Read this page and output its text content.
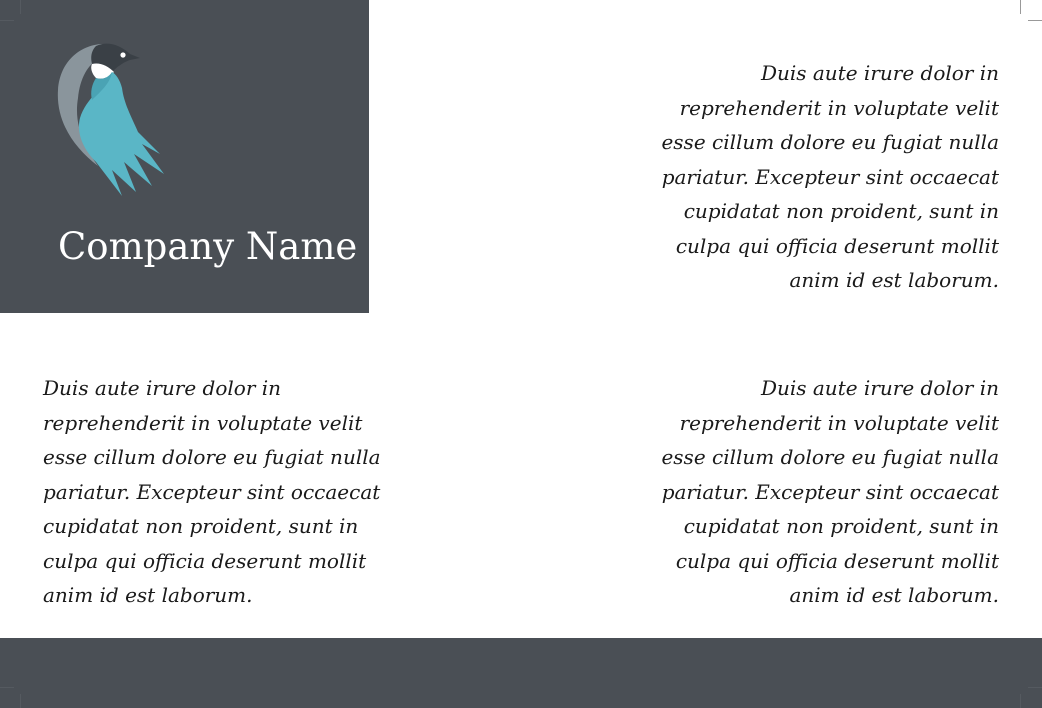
Company Name

Duis aute irure dolor in
reprehenderit in voluptate velit
esse cillum dolore eu fugiat nulla
pariatur. Excepteur sint occaecat
cupidatat non proident, sunt in
culpa qui officia deserunt mollit
anim id est laborum.

Duis aute irure dolor in
reprehenderit in voluptate velit
esse cillum dolore eu fugiat nulla
pariatur. Excepteur sint occaecat
cupidatat non proident, sunt in
culpa qui officia deserunt mollit
anim id est laborum.

Duis aute irure dolor in
reprehenderit in voluptate velit
esse cillum dolore eu fugiat nulla
pariatur. Excepteur sint occaecat
cupidatat non proident, sunt in
culpa qui officia deserunt mollit
anim id est laborum.
